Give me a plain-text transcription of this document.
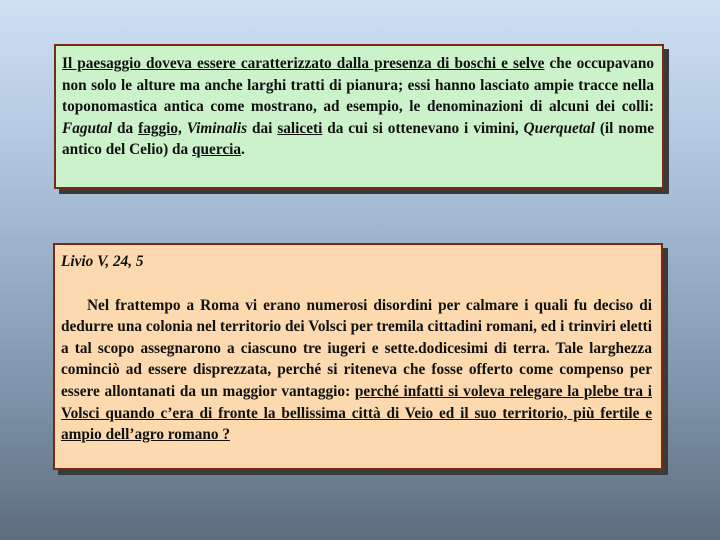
Il paesaggio doveva essere caratterizzato dalla presenza di boschi e selve che occupavano non solo le alture ma anche larghi tratti di pianura; essi hanno lasciato ampie tracce nella toponomastica antica come mostrano, ad esempio, le denominazioni di alcuni dei colli: Fagutal da faggio, Viminalis dai saliceti da cui si ottenevano i vimini, Querquetal (il nome antico del Celio) da quercia.

Livio V, 24, 5

Nel frattempo a Roma vi erano numerosi disordini per calmare i quali fu deciso di dedurre una colonia nel territorio dei Volsci per tremila cittadini romani, ed i trinviri eletti a tal scopo assegnarono a ciascuno tre iugeri e sette.dodicesimi di terra. Tale larghezza cominciò ad essere disprezzata, perché si riteneva che fosse offerto come compenso per essere allontanati da un maggior vantaggio: perché infatti si voleva relegare la plebe tra i Volsci quando c’era di fronte la bellissima città di Veio ed il suo territorio, più fertile e ampio dell’agro romano ?
